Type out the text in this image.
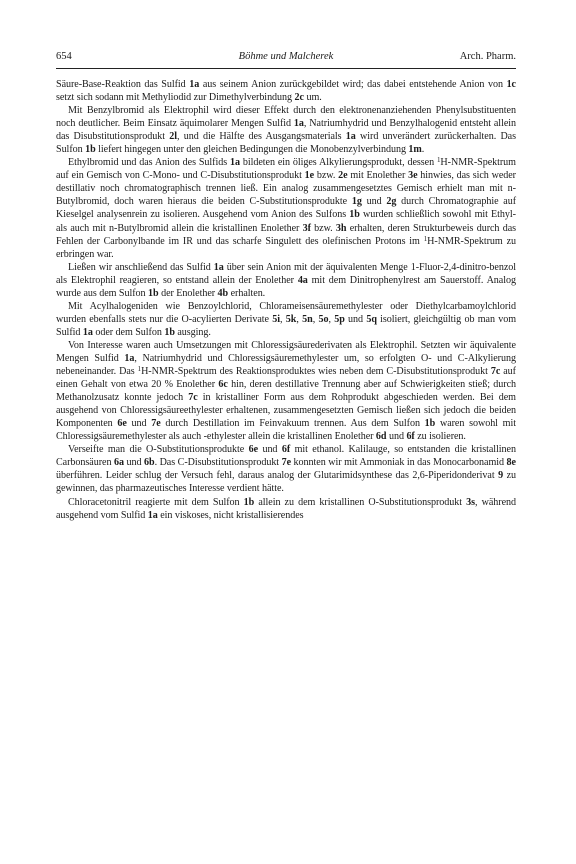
654	Böhme und Malcherek	Arch. Pharm.

Säure-Base-Reaktion das Sulfid 1a aus seinem Anion zurückgebildet wird; das dabei entstehende Anion von 1c setzt sich sodann mit Methyliodid zur Dimethylverbindung 2c um.

Mit Benzylbromid als Elektrophil wird dieser Effekt durch den elektronenanziehenden Phenylsubstituenten noch deutlicher. Beim Einsatz äquimolarer Mengen Sulfid 1a, Natriumhydrid und Benzylhalogenid entsteht allein das Disubstitutionsprodukt 2l, und die Hälfte des Ausgangsmaterials 1a wird unverändert zurückerhalten. Das Sulfon 1b liefert hingegen unter den gleichen Bedingungen die Monobenzylverbindung 1m.

Ethylbromid und das Anion des Sulfids 1a bildeten ein öliges Alkylierungsprodukt, dessen $^1$H-NMR-Spektrum auf ein Gemisch von C-Mono- und C-Disubstitutionsprodukt 1e bzw. 2e mit Enolether 3e hinwies, das sich weder destillativ noch chromatographisch trennen ließ. Ein analog zusammengesetztes Gemisch erhielt man mit n-Butylbromid, doch waren hieraus die beiden C-Substitutionsprodukte 1g und 2g durch Chromatographie auf Kieselgel analysenrein zu isolieren. Ausgehend vom Anion des Sulfons 1b wurden schließlich sowohl mit Ethyl- als auch mit n-Butylbromid allein die kristallinen Enolether 3f bzw. 3h erhalten, deren Strukturbeweis durch das Fehlen der Carbonylbande im IR und das scharfe Singulett des olefinischen Protons im $^1$H-NMR-Spektrum zu erbringen war.

Ließen wir anschließend das Sulfid 1a über sein Anion mit der äquivalenten Menge 1-Fluor-2,4-dinitro-benzol als Elektrophil reagieren, so entstand allein der Enolether 4a mit dem Dinitrophenylrest am Sauerstoff. Analog wurde aus dem Sulfon 1b der Enolether 4b erhalten.

Mit Acylhalogeniden wie Benzoylchlorid, Chlorameisensäuremethylester oder Diethylcarbamoylchlorid wurden ebenfalls stets nur die O-acylierten Derivate 5i, 5k, 5n, 5o, 5p und 5q isoliert, gleichgültig ob man vom Sulfid 1a oder dem Sulfon 1b ausging.

Von Interesse waren auch Umsetzungen mit Chloressigsäurederivaten als Elektrophil. Setzten wir äquivalente Mengen Sulfid 1a, Natriumhydrid und Chloressigsäuremethylester um, so erfolgten O- und C-Alkylierung nebeneinander. Das $^1$H-NMR-Spektrum des Reaktionsproduktes wies neben dem C-Disubstitutionsprodukt 7c auf einen Gehalt von etwa 20 % Enolether 6c hin, deren destillative Trennung aber auf Schwierigkeiten stieß; durch Methanolzusatz konnte jedoch 7c in kristalliner Form aus dem Rohprodukt abgeschieden werden. Bei dem ausgehend von Chloressigsäureethylester erhaltenen, zusammengesetzten Gemisch ließen sich jedoch die beiden Komponenten 6e und 7e durch Destillation im Feinvakuum trennen. Aus dem Sulfon 1b waren sowohl mit Chloressigsäuremethylester als auch -ethylester allein die kristallinen Enolether 6d und 6f zu isolieren.

Verseifte man die O-Substitutionsprodukte 6e und 6f mit ethanol. Kalilauge, so entstanden die kristallinen Carbonsäuren 6a und 6b. Das C-Disubstitutionsprodukt 7e konnten wir mit Ammoniak in das Monocarbonamid 8e überführen. Leider schlug der Versuch fehl, daraus analog der Glutarimidsynthese das 2,6-Piperidonderivat 9 zu gewinnen, das pharmazeutisches Interesse verdient hätte.

Chloracetonitril reagierte mit dem Sulfon 1b allein zu dem kristallinen O-Substitutionsprodukt 3s, während ausgehend vom Sulfid 1a ein viskoses, nicht kristallisierendes
